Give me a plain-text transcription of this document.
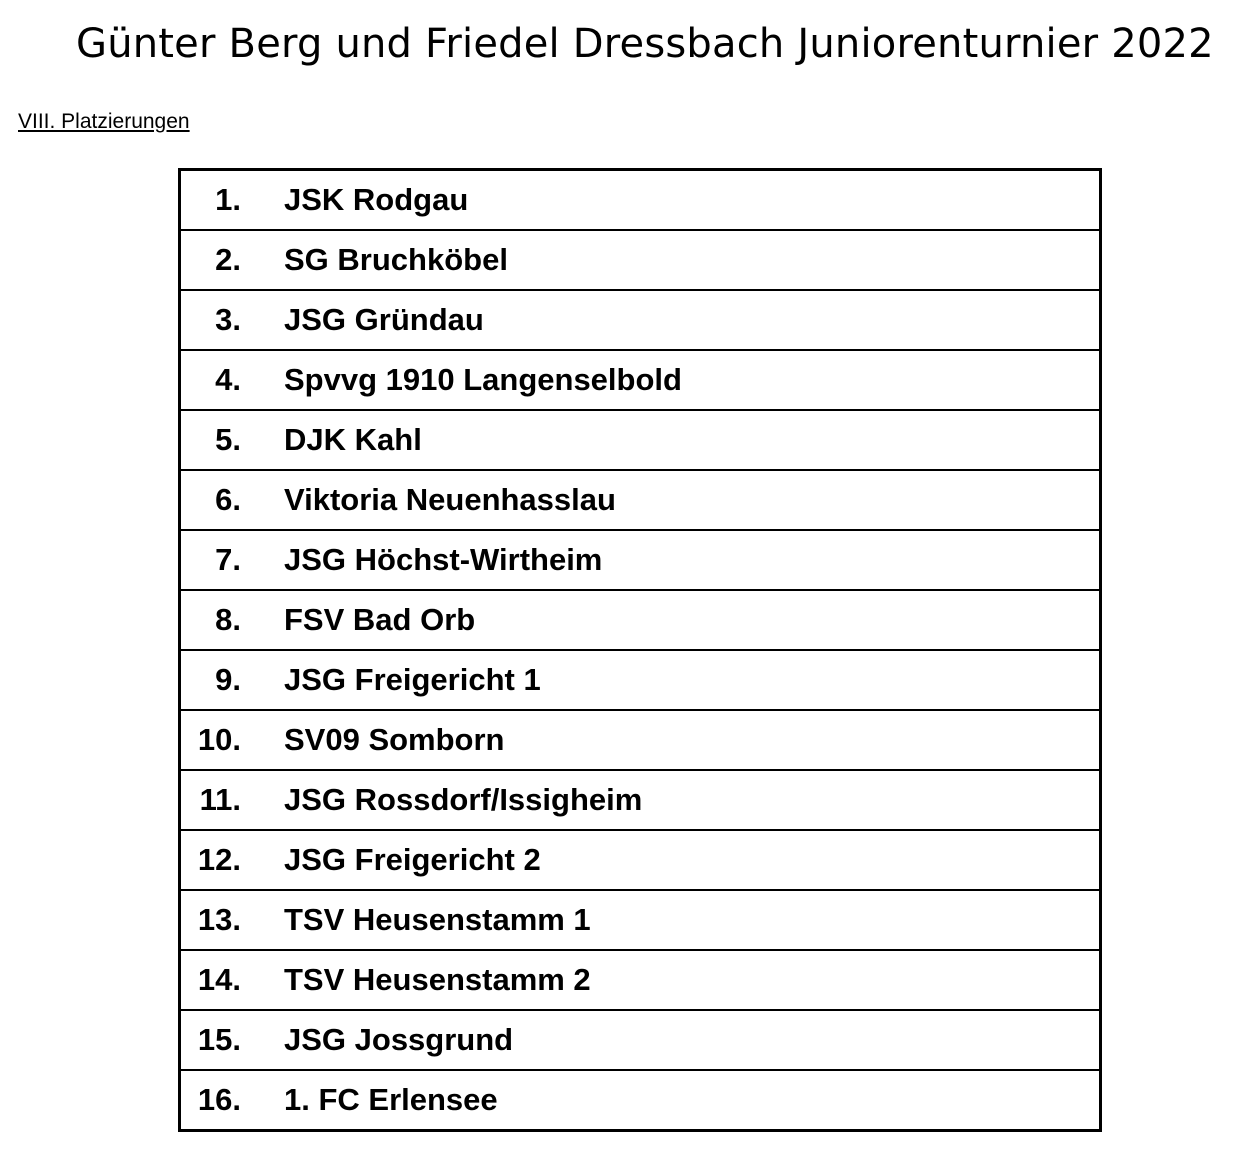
Günter Berg und Friedel Dressbach Juniorenturnier 2022
VIII. Platzierungen
1. JSK Rodgau
2. SG Bruchköbel
3. JSG Gründau
4. Spvvg 1910 Langenselbold
5. DJK Kahl
6. Viktoria Neuenhasslau
7. JSG Höchst-Wirtheim
8. FSV Bad Orb
9. JSG Freigericht 1
10. SV09 Somborn
11. JSG Rossdorf/Issigheim
12. JSG Freigericht 2
13. TSV Heusenstamm 1
14. TSV Heusenstamm 2
15. JSG Jossgrund
16. 1. FC Erlensee
